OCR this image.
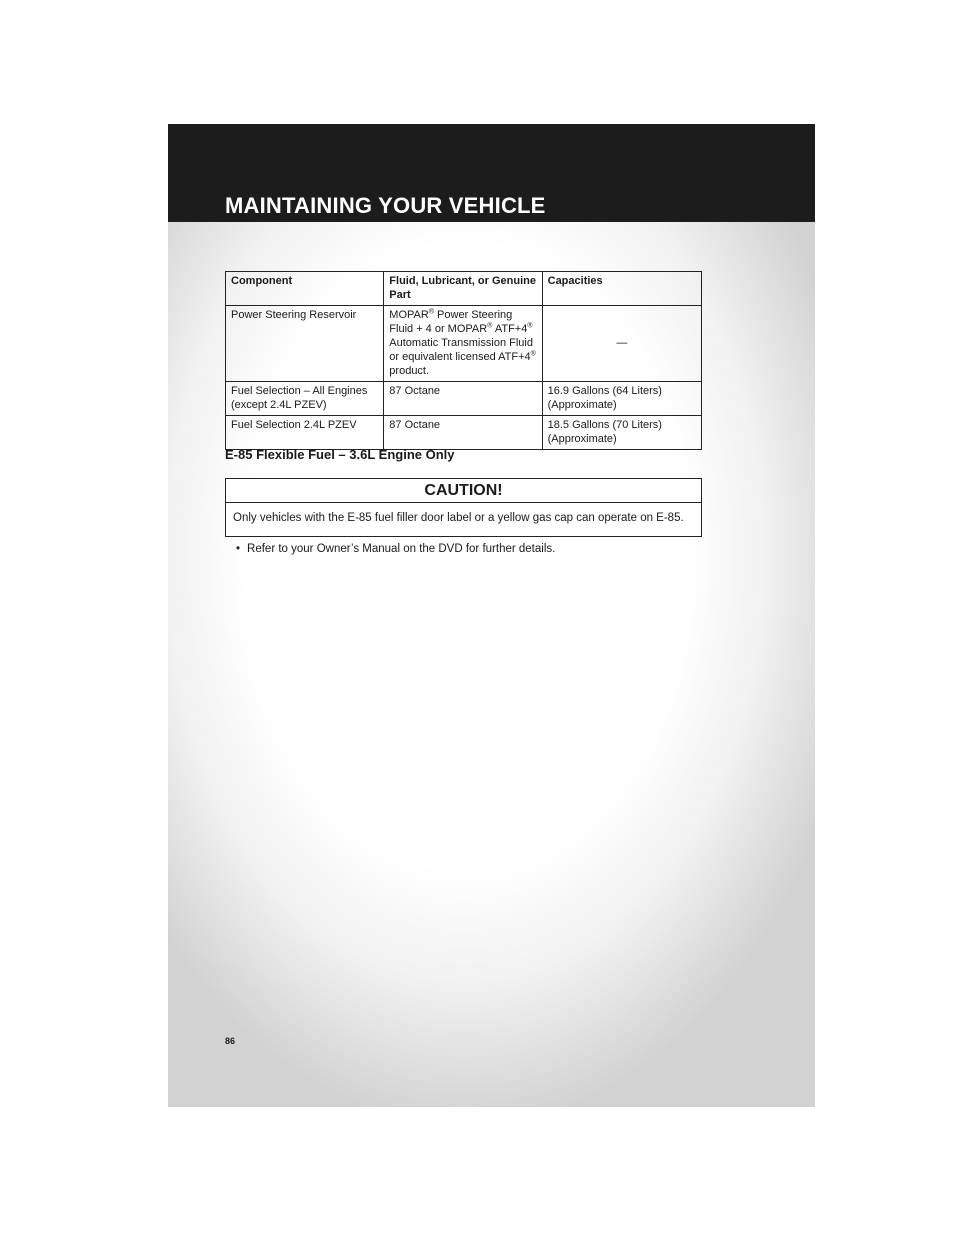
MAINTAINING YOUR VEHICLE
Component	Fluid, Lubricant, or Genuine Part	Capacities
Power Steering Reservoir	MOPAR® Power Steering Fluid + 4 or MOPAR® ATF+4® Automatic Transmission Fluid or equivalent licensed ATF+4® product.	—
Fuel Selection – All Engines (except 2.4L PZEV)	87 Octane	16.9 Gallons (64 Liters) (Approximate)
Fuel Selection 2.4L PZEV	87 Octane	18.5 Gallons (70 Liters) (Approximate)
E-85 Flexible Fuel – 3.6L Engine Only
CAUTION!
Only vehicles with the E-85 fuel filler door label or a yellow gas cap can operate on E-85.
• Refer to your Owner’s Manual on the DVD for further details.
86
